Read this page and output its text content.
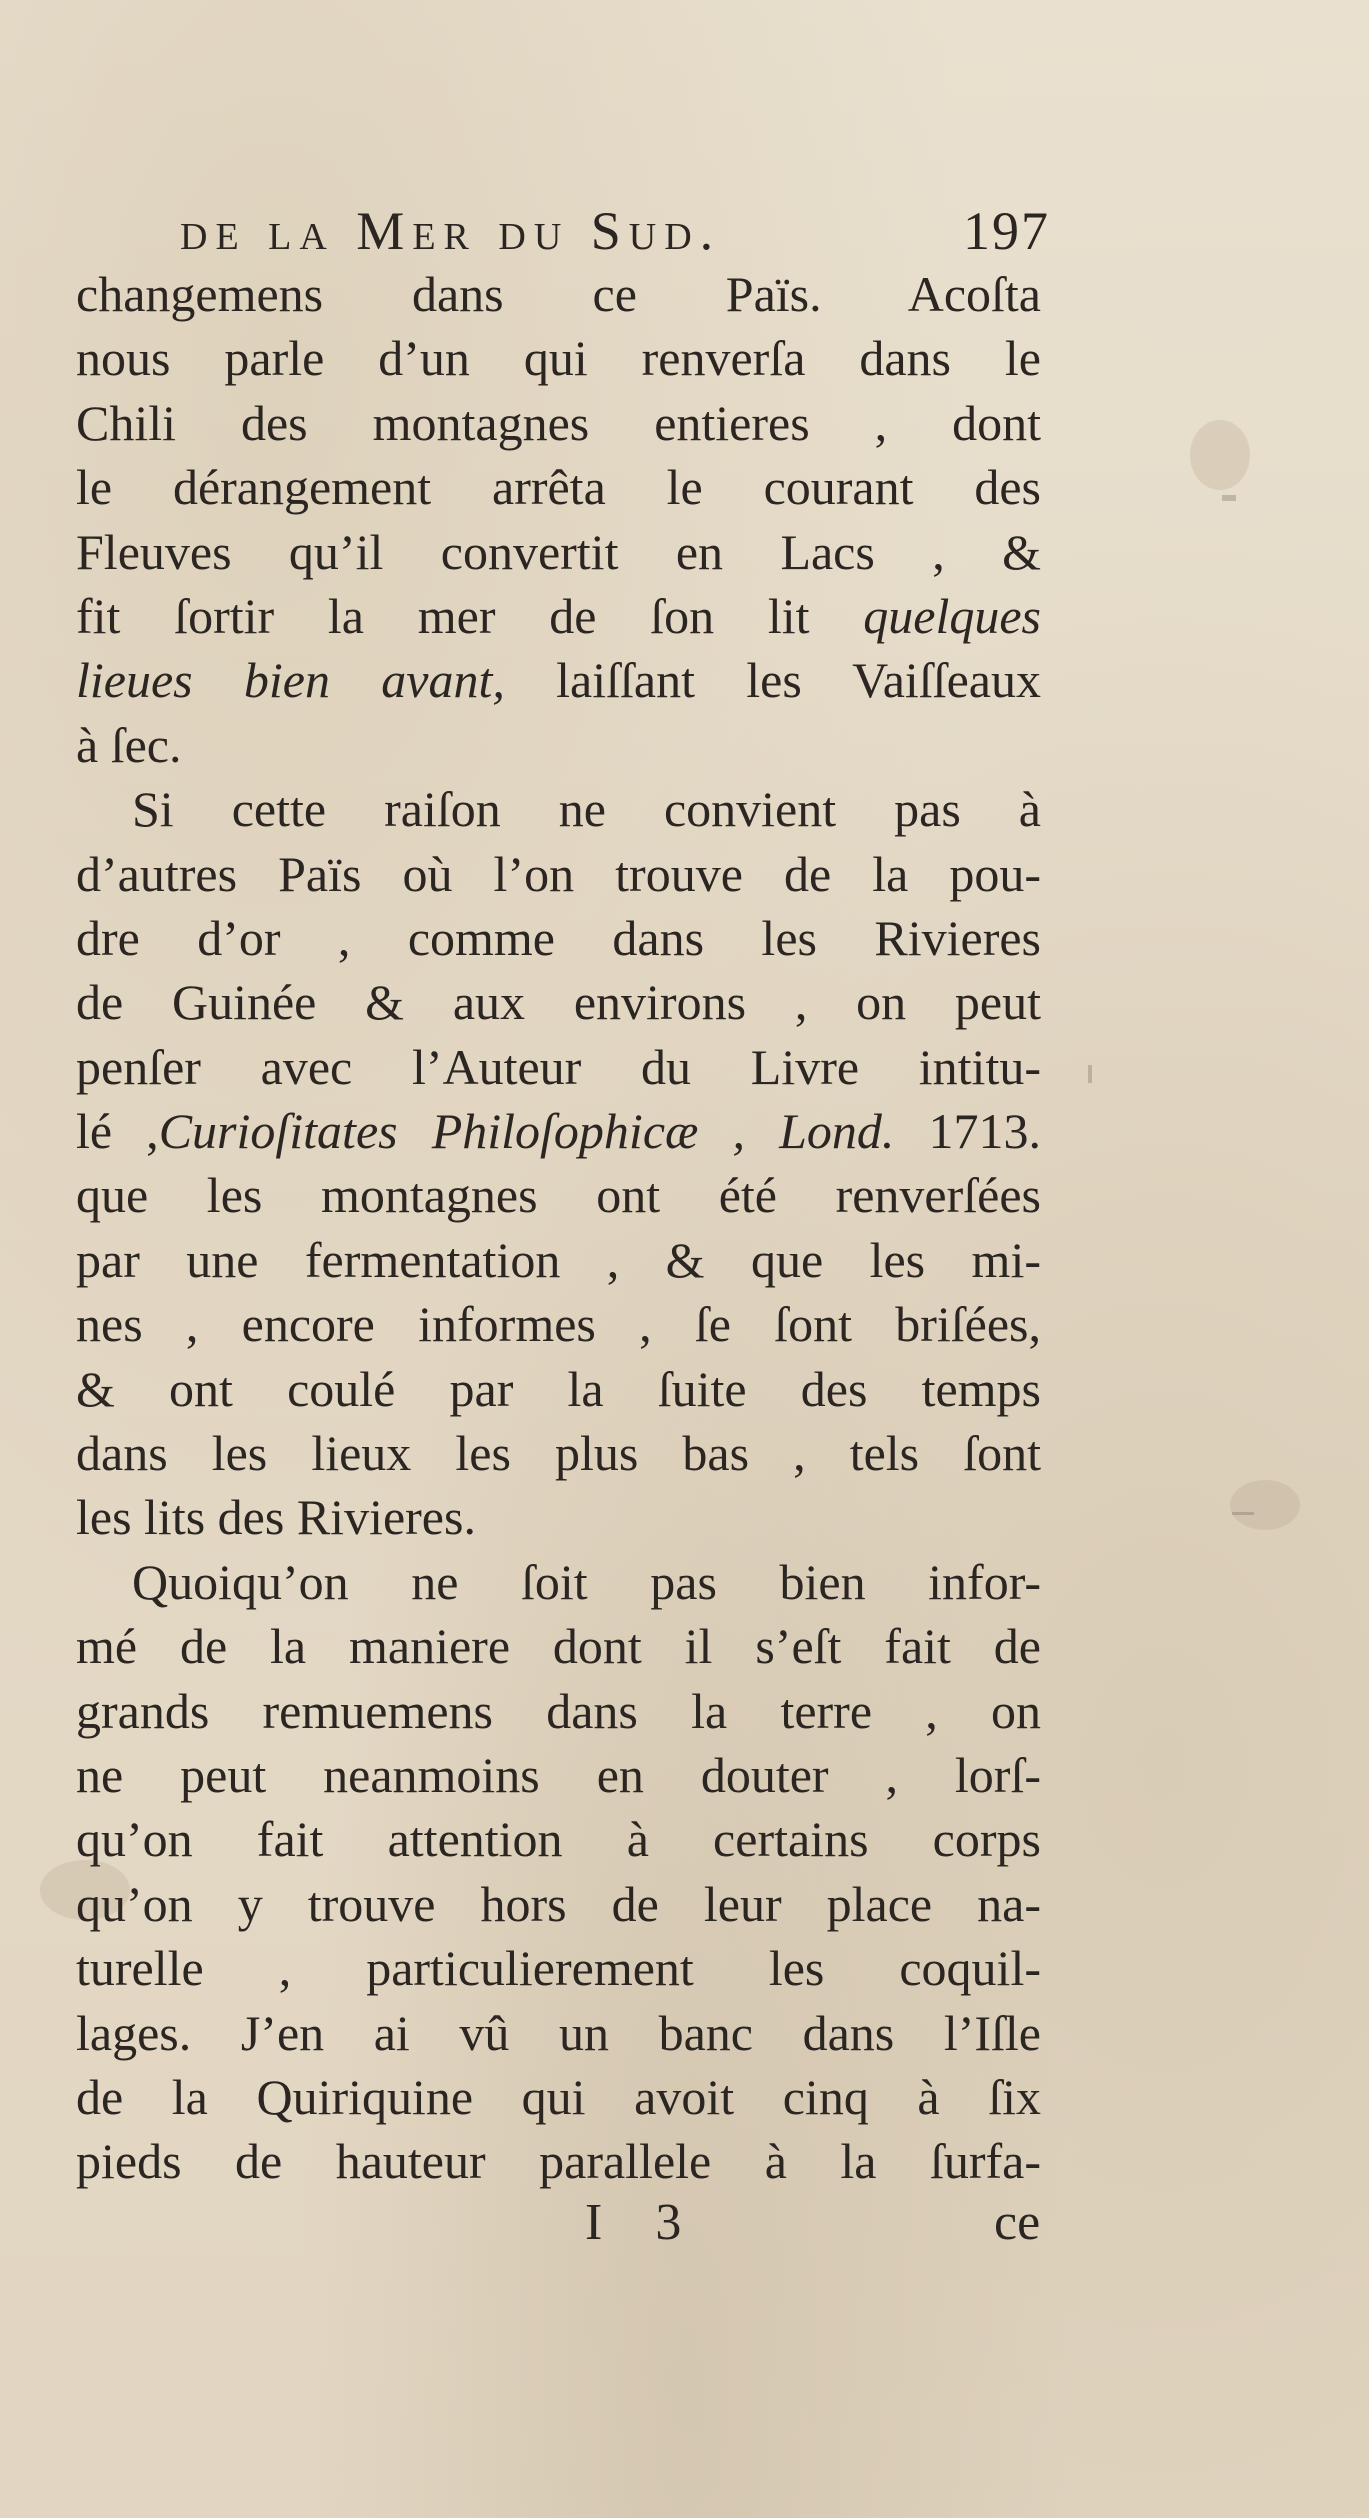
de la Mer du Sud.	197
changemens dans ce Païs. Acoſta
nous parle d’un qui renverſa dans le
Chili des montagnes entieres , dont
le dérangement arrêta le courant des
Fleuves qu’il convertit en Lacs , &
fit ſortir la mer de ſon lit quelques
lieues bien avant, laiſſant les Vaiſſeaux
à ſec.
Si cette raiſon ne convient pas à
d’autres Païs où l’on trouve de la pou-
dre d’or , comme dans les Rivieres
de Guinée & aux environs , on peut
penſer avec l’Auteur du Livre intitu-
lé ,Curioſitates Philoſophicæ , Lond. 1713.
que les montagnes ont été renverſées
par une fermentation , & que les mi-
nes , encore informes , ſe ſont briſées,
& ont coulé par la ſuite des temps
dans les lieux les plus bas , tels ſont
les lits des Rivieres.
Quoiqu’on ne ſoit pas bien infor-
mé de la maniere dont il s’eſt fait de
grands remuemens dans la terre , on
ne peut neanmoins en douter , lorſ-
qu’on fait attention à certains corps
qu’on y trouve hors de leur place na-
turelle , particulierement les coquil-
lages. J’en ai vû un banc dans l’Iſle
de la Quiriquine qui avoit cinq à ſix
pieds de hauteur parallele à la ſurfa-
I 3	ce
